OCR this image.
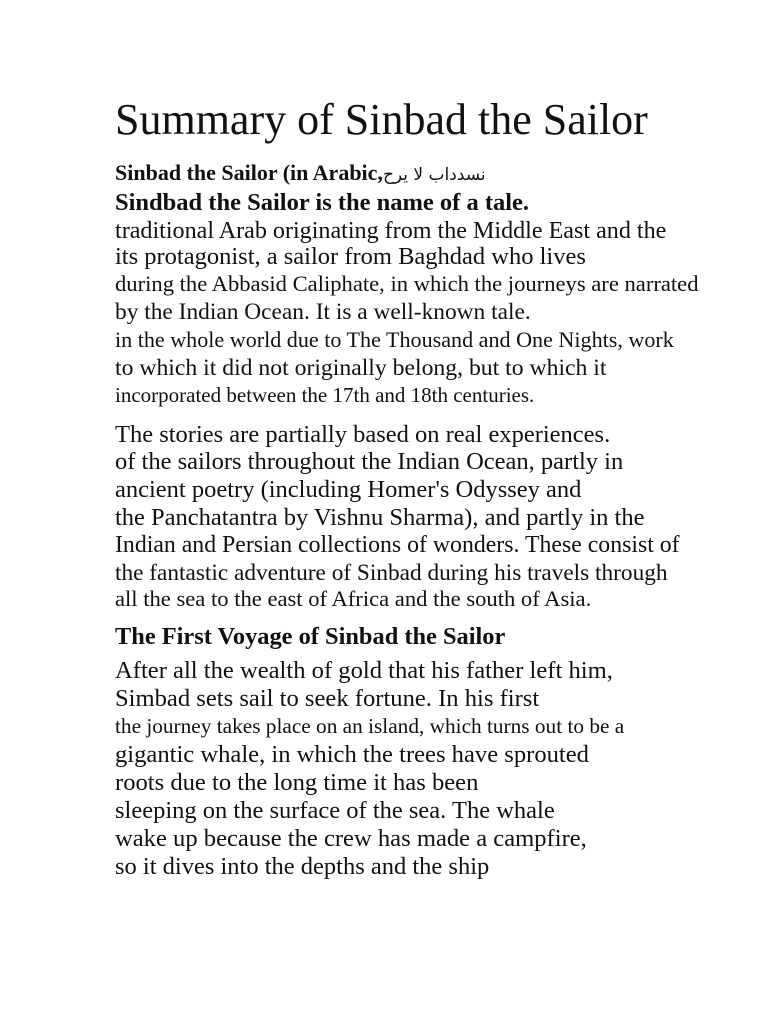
Summary of Sinbad the Sailor
Sinbad the Sailor (in Arabic,حري ال باددسن
Sindbad the Sailor is the name of a tale.
traditional Arab originating from the Middle East and the
its protagonist, a sailor from Baghdad who lives
during the Abbasid Caliphate, in which the journeys are narrated
by the Indian Ocean. It is a well-known tale.
in the whole world due to The Thousand and One Nights, work
to which it did not originally belong, but to which it
incorporated between the 17th and 18th centuries.
The stories are partially based on real experiences.
of the sailors throughout the Indian Ocean, partly in
ancient poetry (including Homer's Odyssey and
the Panchatantra by Vishnu Sharma), and partly in the
Indian and Persian collections of wonders. These consist of
the fantastic adventure of Sinbad during his travels through
all the sea to the east of Africa and the south of Asia.
The First Voyage of Sinbad the Sailor
After all the wealth of gold that his father left him,
Simbad sets sail to seek fortune. In his first
the journey takes place on an island, which turns out to be a
gigantic whale, in which the trees have sprouted
roots due to the long time it has been
sleeping on the surface of the sea. The whale
wake up because the crew has made a campfire,
so it dives into the depths and the ship
